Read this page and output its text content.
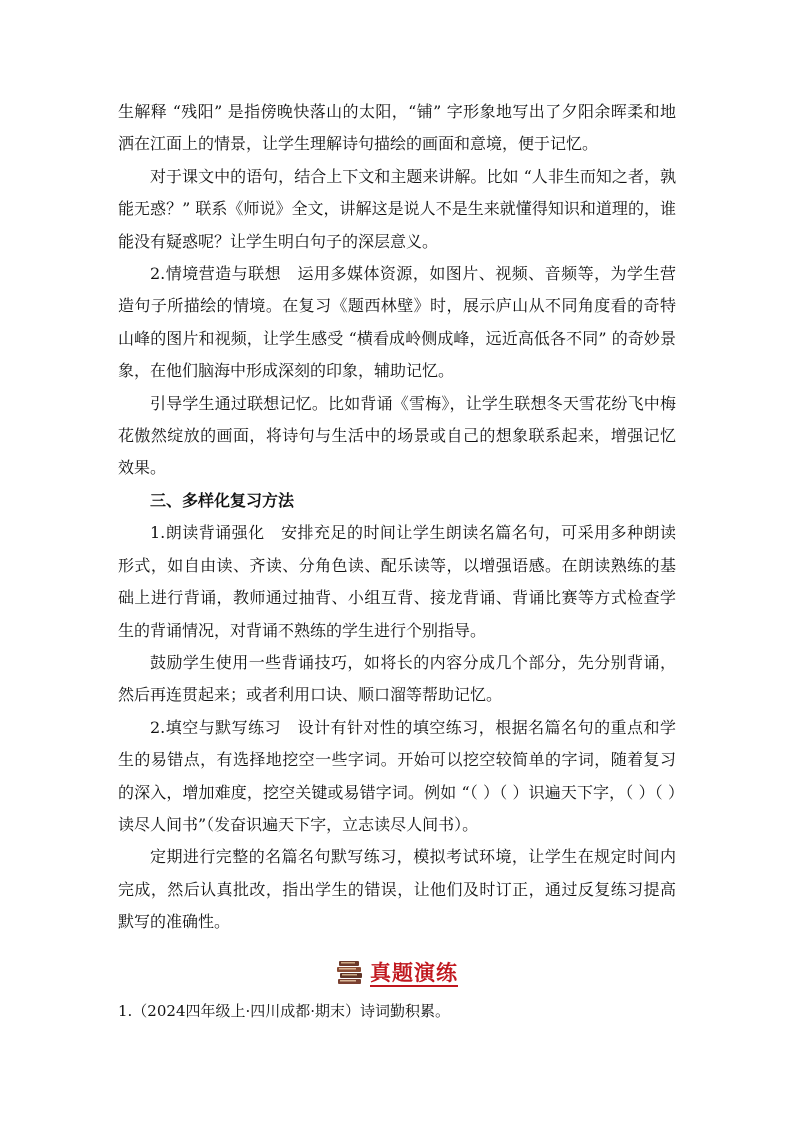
生解释 “残阳” 是指傍晚快落山的太阳，“铺” 字形象地写出了夕阳余晖柔和地洒在江面上的情景，让学生理解诗句描绘的画面和意境，便于记忆。

对于课文中的语句，结合上下文和主题来讲解。比如 “人非生而知之者，孰能无惑？” 联系《师说》全文，讲解这是说人不是生来就懂得知识和道理的，谁能没有疑惑呢？让学生明白句子的深层意义。

2.情境营造与联想　运用多媒体资源，如图片、视频、音频等，为学生营造句子所描绘的情境。在复习《题西林壁》时，展示庐山从不同角度看的奇特山峰的图片和视频，让学生感受 “横看成岭侧成峰，远近高低各不同” 的奇妙景象，在他们脑海中形成深刻的印象，辅助记忆。

引导学生通过联想记忆。比如背诵《雪梅》，让学生联想冬天雪花纷飞中梅花傲然绽放的画面，将诗句与生活中的场景或自己的想象联系起来，增强记忆效果。

三、多样化复习方法

1.朗读背诵强化　安排充足的时间让学生朗读名篇名句，可采用多种朗读形式，如自由读、齐读、分角色读、配乐读等，以增强语感。在朗读熟练的基础上进行背诵，教师通过抽背、小组互背、接龙背诵、背诵比赛等方式检查学生的背诵情况，对背诵不熟练的学生进行个别指导。

鼓励学生使用一些背诵技巧，如将长的内容分成几个部分，先分别背诵，然后再连贯起来；或者利用口诀、顺口溜等帮助记忆。

2.填空与默写练习　设计有针对性的填空练习，根据名篇名句的重点和学生的易错点，有选择地挖空一些字词。开始可以挖空较简单的字词，随着复习的深入，增加难度，挖空关键或易错字词。例如 “（ ）（ ）识遍天下字，（ ）（ ）读尽人间书”（发奋识遍天下字，立志读尽人间书）。

定期进行完整的名篇名句默写练习，模拟考试环境，让学生在规定时间内完成，然后认真批改，指出学生的错误，让他们及时订正，通过反复练习提高默写的准确性。

真题演练
1.（2024四年级上·四川成都·期末）诗词勤积累。
